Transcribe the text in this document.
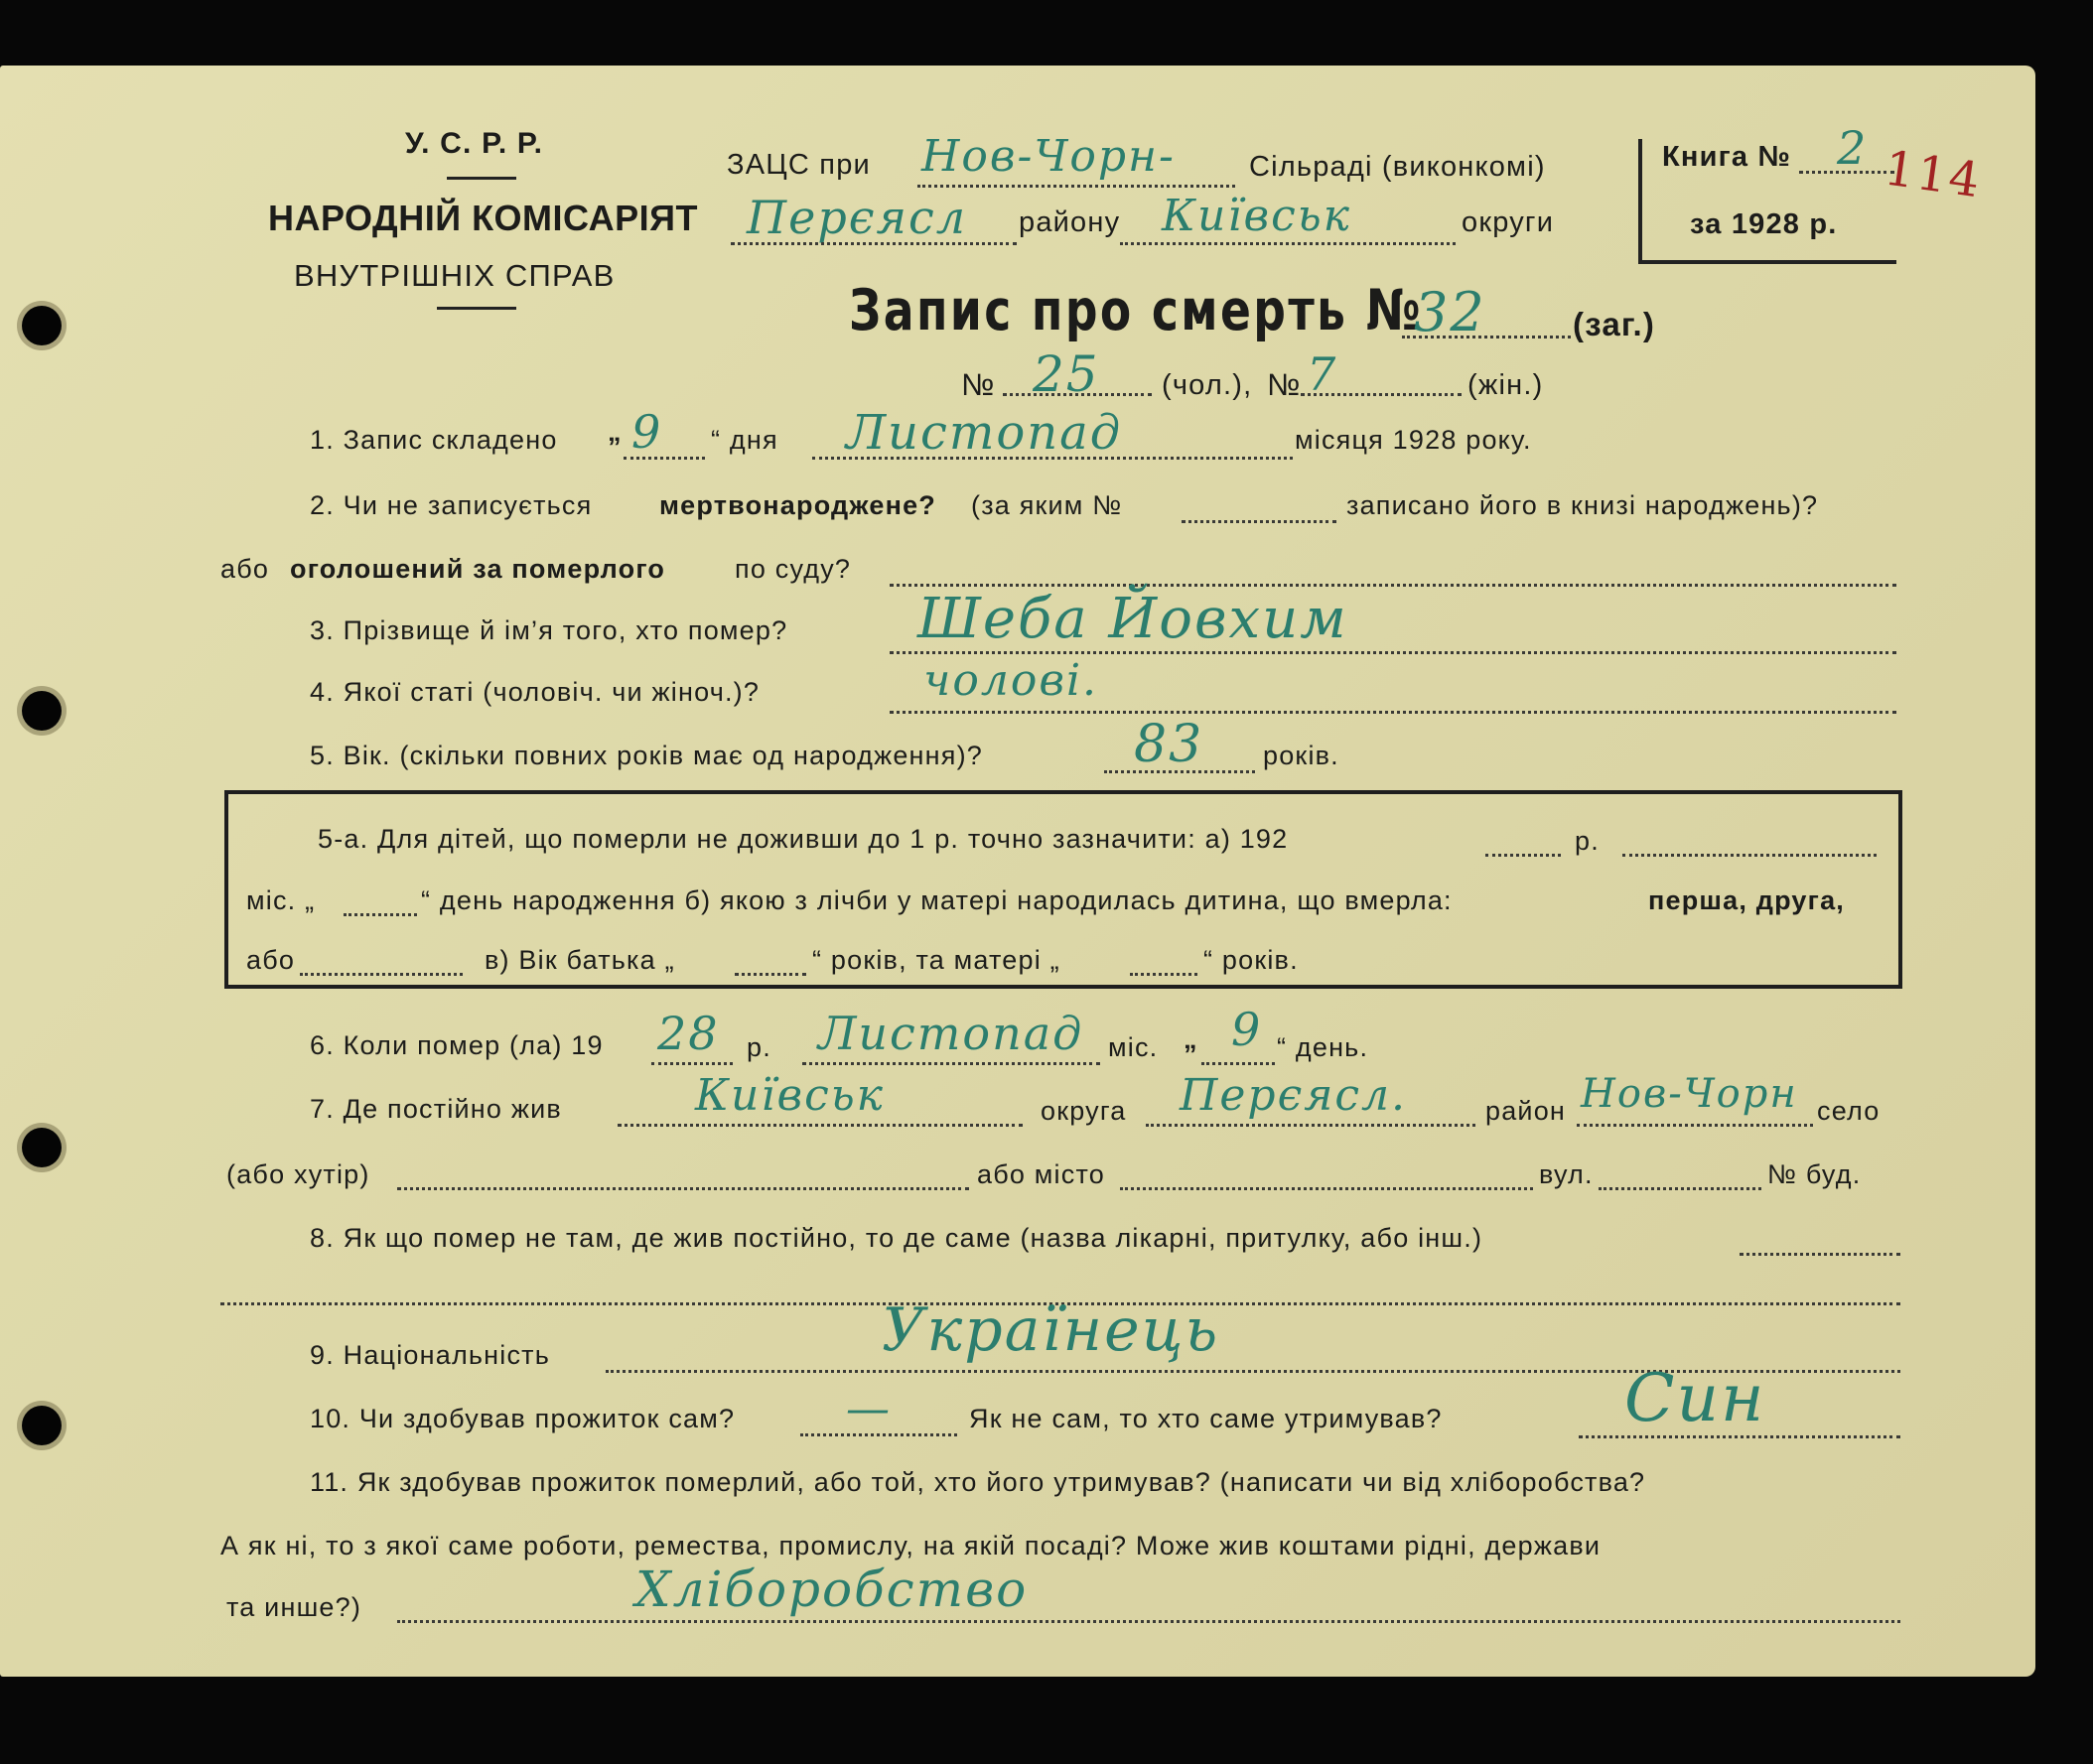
У. С. Р. Р.
НАРОДНІЙ КОМІСАРІЯТ
ВНУТРІШНІХ СПРАВ
ЗАЦС при Нов-Чорн-	Сільраді (виконкомі)
Перєясл району Київськ	округи
Книга № 2
за 1928 р.
114
Запис про смерть №
32	(заг.)
№ 25 (чол.), № 7	(жін.)
1. Запис складено „ 9 “ дня Листопад	місяця 1928 року.
2. Чи не записується	мертвонароджене? (за яким №	записано його в книзі народжень)?
або оголошений за померлого	по суду?
3. Прізвище й ім’я того, хто помер? Шеба Йовхим
4. Якої статі (чоловіч. чи жіноч.)?	чолові.
5. Вік. (скільки повних років має од народження)?	83 років.
5-а. Для дітей, що померли не доживши до 1 р. точно зазначити: а) 192	р.
міс. „	“ день народження б) якою з лічби у матері народилась дитина, що вмерла:	перша, друга,
або	в) Вік батька „	“ років, та матері „	“ років.
6. Коли помер (ла) 19 28 р. Листопад міс. „ 9 “ день.
7. Де постійно жив	Київськ	округа Перєясл.	район Нов-Чорн село
(або хутір)	або місто	вул.	№ буд.
8. Як що помер не там, де жив постійно, то де саме (назва лікарні, притулку, або інш.)
9. Національність	Українець
10. Чи здобував прожиток сам?	—	Як не сам, то хто саме утримував?	Син
11. Як здобував прожиток померлий, або той, хто його утримував? (написати чи від хліборобства?
А як ні, то з якої саме роботи, ремества, промислу, на якій посаді? Може жив коштами рідні, держави
та инше?)	Хліборобство
